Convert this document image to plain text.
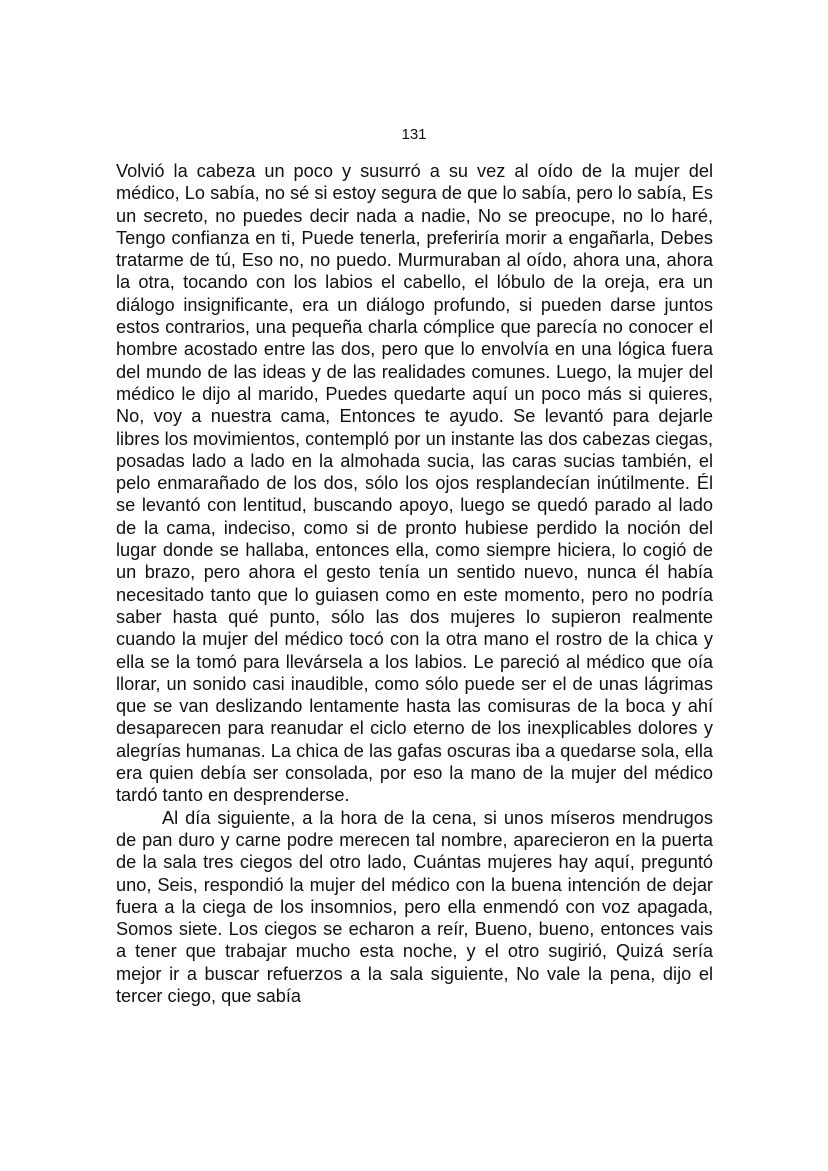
131

Volvió la cabeza un poco y susurró a su vez al oído de la mujer del médico, Lo sabía, no sé si estoy segura de que lo sabía, pero lo sabía, Es un secreto, no puedes decir nada a nadie, No se preocupe, no lo haré, Tengo confianza en ti, Puede tenerla, preferiría morir a engañarla, Debes tratarme de tú, Eso no, no puedo. Murmuraban al oído, ahora una, ahora la otra, tocando con los labios el cabello, el lóbulo de la oreja, era un diálogo insignificante, era un diálogo profundo, si pueden darse juntos estos contrarios, una pequeña charla cómplice que parecía no conocer el hombre acostado entre las dos, pero que lo envolvía en una lógica fuera del mundo de las ideas y de las realidades comunes. Luego, la mujer del médico le dijo al marido, Puedes quedarte aquí un poco más si quieres, No, voy a nuestra cama, Entonces te ayudo. Se levantó para dejarle libres los movimientos, contempló por un instante las dos cabezas ciegas, posadas lado a lado en la almohada sucia, las caras sucias también, el pelo enmarañado de los dos, sólo los ojos resplandecían inútilmente. Él se levantó con lentitud, buscando apoyo, luego se quedó parado al lado de la cama, indeciso, como si de pronto hubiese perdido la noción del lugar donde se hallaba, entonces ella, como siempre hiciera, lo cogió de un brazo, pero ahora el gesto tenía un sentido nuevo, nunca él había necesitado tanto que lo guiasen como en este momento, pero no podría saber hasta qué punto, sólo las dos mujeres lo supieron realmente cuando la mujer del médico tocó con la otra mano el rostro de la chica y ella se la tomó para llevársela a los labios. Le pareció al médico que oía llorar, un sonido casi inaudible, como sólo puede ser el de unas lágrimas que se van deslizando lentamente hasta las comisuras de la boca y ahí desaparecen para reanudar el ciclo eterno de los inexplicables dolores y alegrías humanas. La chica de las gafas oscuras iba a quedarse sola, ella era quien debía ser consolada, por eso la mano de la mujer del médico tardó tanto en desprenderse.

Al día siguiente, a la hora de la cena, si unos míseros mendrugos de pan duro y carne podre merecen tal nombre, aparecieron en la puerta de la sala tres ciegos del otro lado, Cuántas mujeres hay aquí, preguntó uno, Seis, respondió la mujer del médico con la buena intención de dejar fuera a la ciega de los insomnios, pero ella enmendó con voz apagada, Somos siete. Los ciegos se echaron a reír, Bueno, bueno, entonces vais a tener que trabajar mucho esta noche, y el otro sugirió, Quizá sería mejor ir a buscar refuerzos a la sala siguiente, No vale la pena, dijo el tercer ciego, que sabía
